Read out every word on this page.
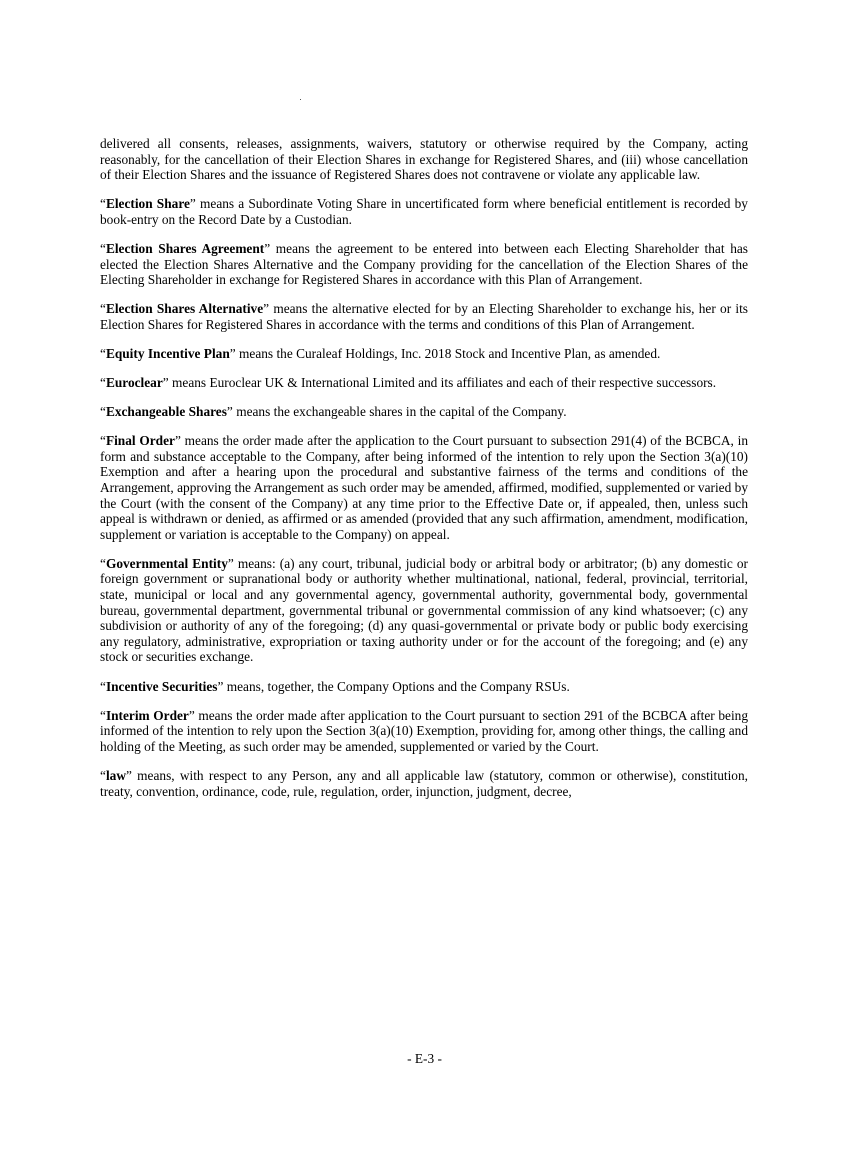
delivered all consents, releases, assignments, waivers, statutory or otherwise required by the Company, acting reasonably, for the cancellation of their Election Shares in exchange for Registered Shares, and (iii) whose cancellation of their Election Shares and the issuance of Registered Shares does not contravene or violate any applicable law.

“Election Share” means a Subordinate Voting Share in uncertificated form where beneficial entitlement is recorded by book-entry on the Record Date by a Custodian.

“Election Shares Agreement” means the agreement to be entered into between each Electing Shareholder that has elected the Election Shares Alternative and the Company providing for the cancellation of the Election Shares of the Electing Shareholder in exchange for Registered Shares in accordance with this Plan of Arrangement.

“Election Shares Alternative” means the alternative elected for by an Electing Shareholder to exchange his, her or its Election Shares for Registered Shares in accordance with the terms and conditions of this Plan of Arrangement.

“Equity Incentive Plan” means the Curaleaf Holdings, Inc. 2018 Stock and Incentive Plan, as amended.

“Euroclear” means Euroclear UK & International Limited and its affiliates and each of their respective successors.

“Exchangeable Shares” means the exchangeable shares in the capital of the Company.

“Final Order” means the order made after the application to the Court pursuant to subsection 291(4) of the BCBCA, in form and substance acceptable to the Company, after being informed of the intention to rely upon the Section 3(a)(10) Exemption and after a hearing upon the procedural and substantive fairness of the terms and conditions of the Arrangement, approving the Arrangement as such order may be amended, affirmed, modified, supplemented or varied by the Court (with the consent of the Company) at any time prior to the Effective Date or, if appealed, then, unless such appeal is withdrawn or denied, as affirmed or as amended (provided that any such affirmation, amendment, modification, supplement or variation is acceptable to the Company) on appeal.

“Governmental Entity” means: (a) any court, tribunal, judicial body or arbitral body or arbitrator; (b) any domestic or foreign government or supranational body or authority whether multinational, national, federal, provincial, territorial, state, municipal or local and any governmental agency, governmental authority, governmental body, governmental bureau, governmental department, governmental tribunal or governmental commission of any kind whatsoever; (c) any subdivision or authority of any of the foregoing; (d) any quasi-governmental or private body or public body exercising any regulatory, administrative, expropriation or taxing authority under or for the account of the foregoing; and (e) any stock or securities exchange.

“Incentive Securities” means, together, the Company Options and the Company RSUs.

“Interim Order” means the order made after application to the Court pursuant to section 291 of the BCBCA after being informed of the intention to rely upon the Section 3(a)(10) Exemption, providing for, among other things, the calling and holding of the Meeting, as such order may be amended, supplemented or varied by the Court.

“law” means, with respect to any Person, any and all applicable law (statutory, common or otherwise), constitution, treaty, convention, ordinance, code, rule, regulation, order, injunction, judgment, decree,

- E-3 -
